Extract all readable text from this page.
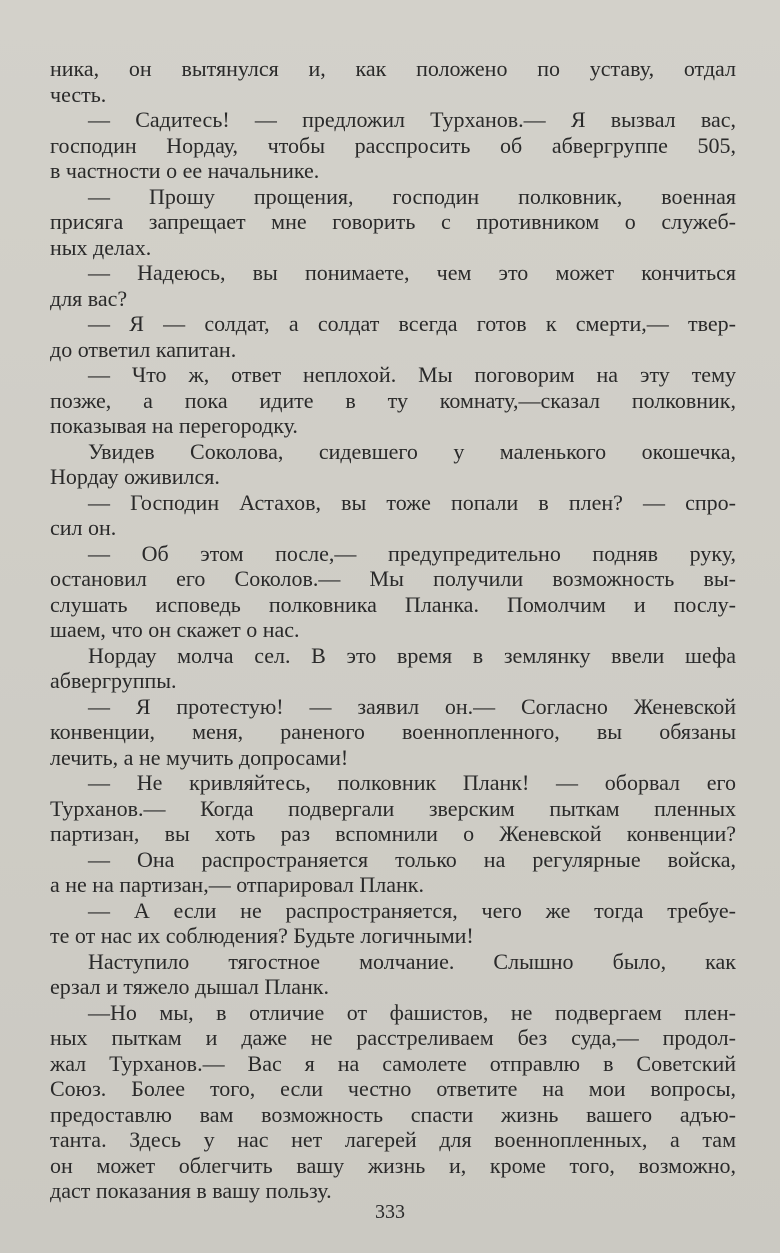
ника, он вытянулся и, как положено по уставу, отдал
честь.
— Садитесь! — предложил Турханов.— Я вызвал вас,
господин Нордау, чтобы расспросить об абвергруппе 505,
в частности о ее начальнике.
— Прошу прощения, господин полковник, военная
присяга запрещает мне говорить с противником о служеб-
ных делах.
— Надеюсь, вы понимаете, чем это может кончиться
для вас?
— Я — солдат, а солдат всегда готов к смерти,— твер-
до ответил капитан.
— Что ж, ответ неплохой. Мы поговорим на эту тему
позже, а пока идите в ту комнату,—сказал полковник,
показывая на перегородку.
Увидев Соколова, сидевшего у маленького окошечка,
Нордау оживился.
— Господин Астахов, вы тоже попали в плен? — спро-
сил он.
— Об этом после,— предупредительно подняв руку,
остановил его Соколов.— Мы получили возможность вы-
слушать исповедь полковника Планка. Помолчим и послу-
шаем, что он скажет о нас.
Нордау молча сел. В это время в землянку ввели шефа
абвергруппы.
— Я протестую! — заявил он.— Согласно Женевской
конвенции, меня, раненого военнопленного, вы обязаны
лечить, а не мучить допросами!
— Не кривляйтесь, полковник Планк! — оборвал его
Турханов.— Когда подвергали зверским пыткам пленных
партизан, вы хоть раз вспомнили о Женевской конвенции?
— Она распространяется только на регулярные войска,
а не на партизан,— отпарировал Планк.
— А если не распространяется, чего же тогда требуе-
те от нас их соблюдения? Будьте логичными!
Наступило тягостное молчание. Слышно было, как
ерзал и тяжело дышал Планк.
—Но мы, в отличие от фашистов, не подвергаем плен-
ных пыткам и даже не расстреливаем без суда,— продол-
жал Турханов.— Вас я на самолете отправлю в Советский
Союз. Более того, если честно ответите на мои вопросы,
предоставлю вам возможность спасти жизнь вашего адъю-
танта. Здесь у нас нет лагерей для военнопленных, а там
он может облегчить вашу жизнь и, кроме того, возможно,
даст показания в вашу пользу.
333
